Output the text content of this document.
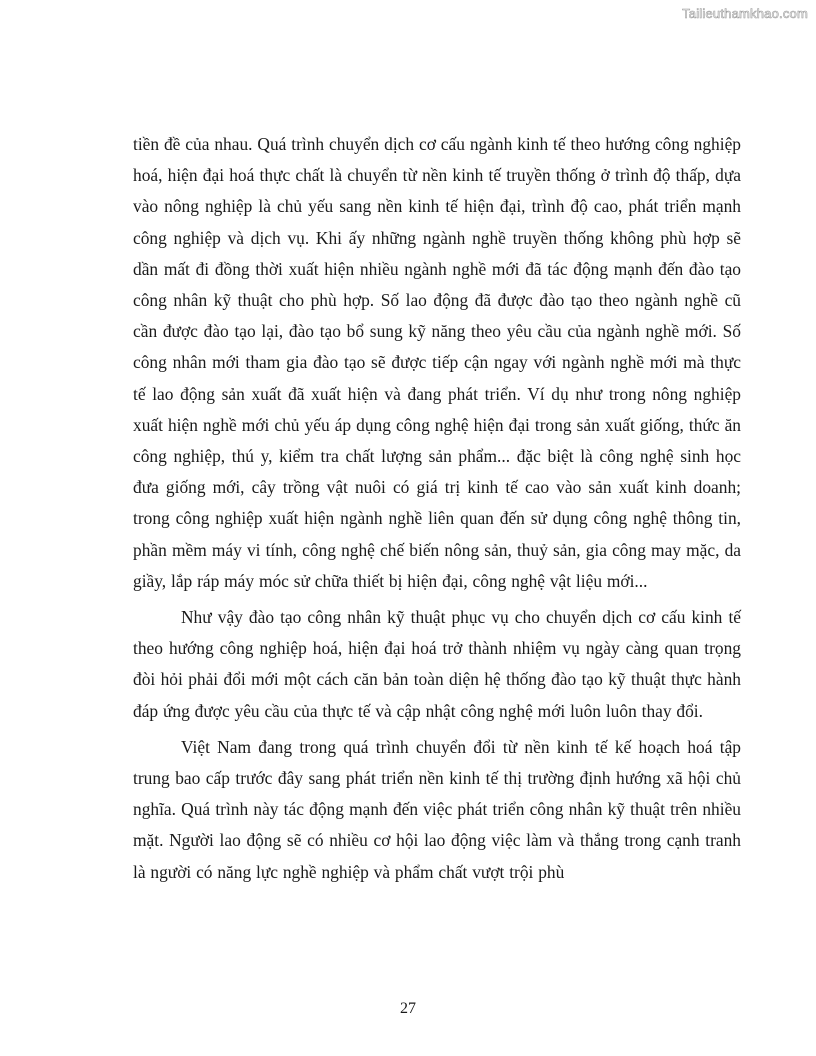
Tailieuthamkhao.com

tiền đề của nhau. Quá trình chuyển dịch cơ cấu ngành kinh tế theo hướng công nghiệp hoá, hiện đại hoá thực chất là chuyển từ nền kinh tế truyền thống ở trình độ thấp, dựa vào nông nghiệp là chủ yếu sang nền kinh tế hiện đại, trình độ cao, phát triển mạnh công nghiệp và dịch vụ. Khi ấy những ngành nghề truyền thống không phù hợp sẽ dần mất đi đồng thời xuất hiện nhiều ngành nghề mới đã tác động mạnh đến đào tạo công nhân kỹ thuật cho phù hợp. Số lao động đã được đào tạo theo ngành nghề cũ cần được đào tạo lại, đào tạo bổ sung kỹ năng theo yêu cầu của ngành nghề mới. Số công nhân mới tham gia đào tạo sẽ được tiếp cận ngay với ngành nghề mới mà thực tế lao động sản xuất đã xuất hiện và đang phát triển. Ví dụ như trong nông nghiệp xuất hiện nghề mới chủ yếu áp dụng công nghệ hiện đại trong sản xuất giống, thức ăn công nghiệp, thú y, kiểm tra chất lượng sản phẩm... đặc biệt là công nghệ sinh học đưa giống mới, cây trồng vật nuôi có giá trị kinh tế cao vào sản xuất kinh doanh; trong công nghiệp xuất hiện ngành nghề liên quan đến sử dụng công nghệ thông tin, phần mềm máy vi tính, công nghệ chế biến nông sản, thuỷ sản, gia công may mặc, da giầy, lắp ráp máy móc sử chữa thiết bị hiện đại, công nghệ vật liệu mới...

Như vậy đào tạo công nhân kỹ thuật phục vụ cho chuyển dịch cơ cấu kinh tế theo hướng công nghiệp hoá, hiện đại hoá trở thành nhiệm vụ ngày càng quan trọng đòi hỏi phải đổi mới một cách căn bản toàn diện hệ thống đào tạo kỹ thuật thực hành đáp ứng được yêu cầu của thực tế và cập nhật công nghệ mới luôn luôn thay đổi.

Việt Nam đang trong quá trình chuyển đổi từ nền kinh tế kế hoạch hoá tập trung bao cấp trước đây sang phát triển nền kinh tế thị trường định hướng xã hội chủ nghĩa. Quá trình này tác động mạnh đến việc phát triển công nhân kỹ thuật trên nhiều mặt. Người lao động sẽ có nhiều cơ hội lao động việc làm và thắng trong cạnh tranh là người có năng lực nghề nghiệp và phẩm chất vượt trội phù

27
